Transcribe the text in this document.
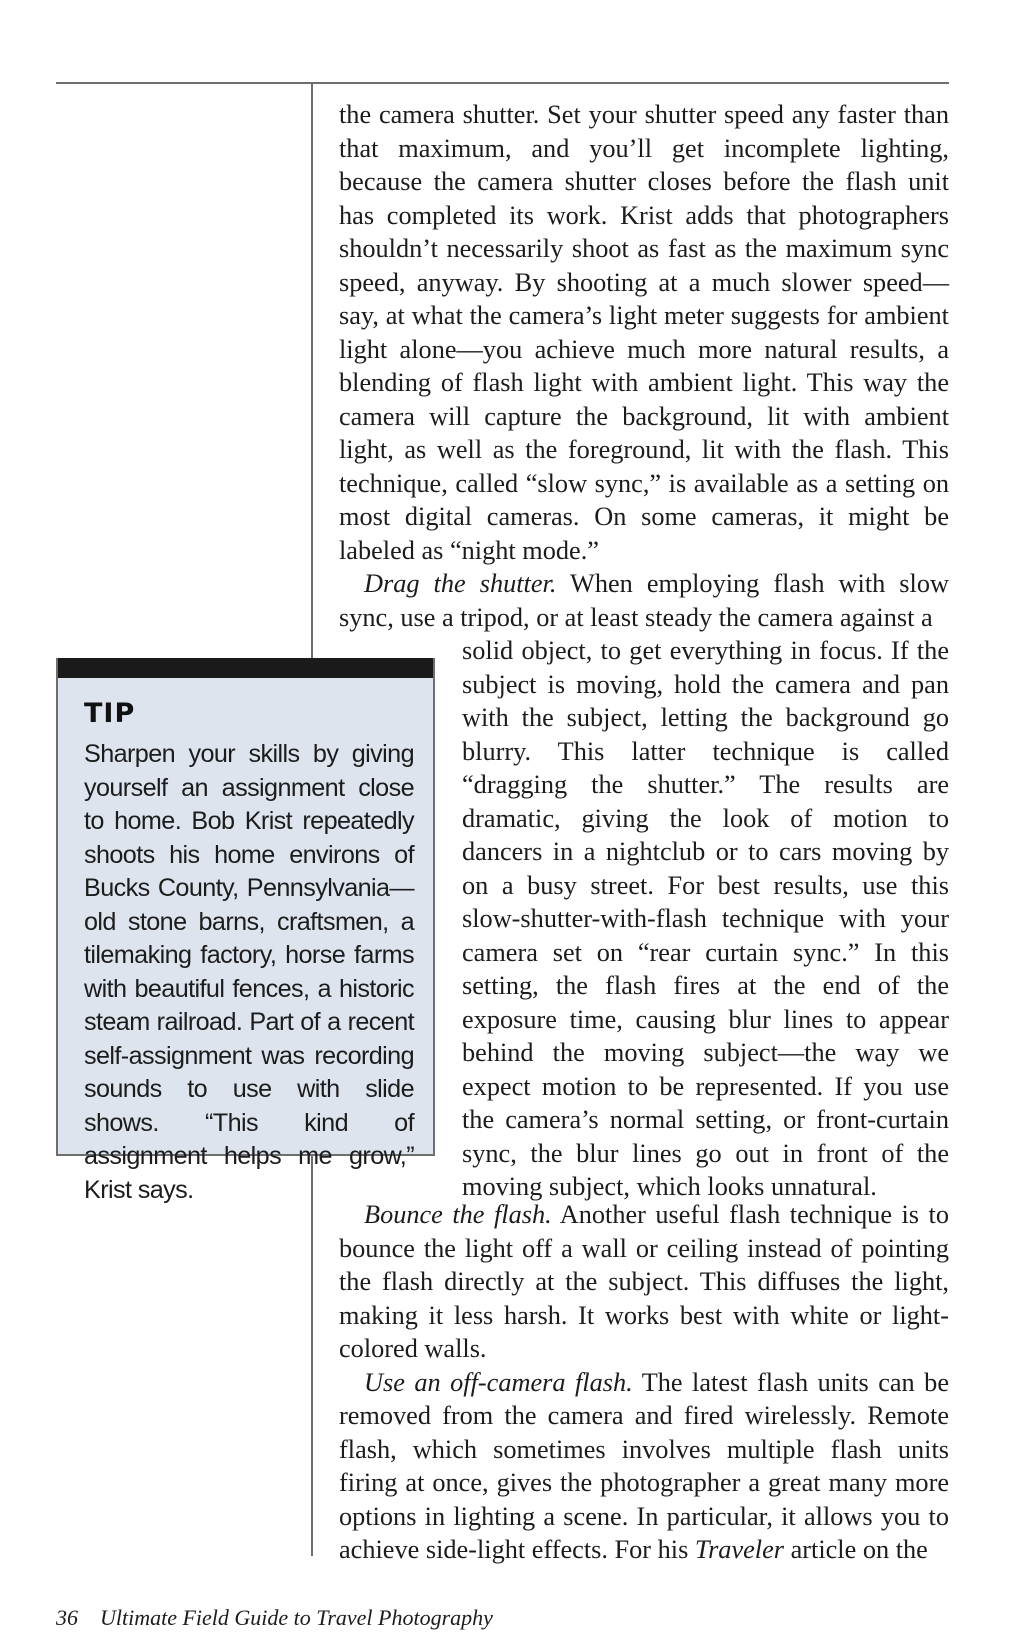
the camera shutter. Set your shutter speed any faster than that maximum, and you’ll get incomplete lighting, because the camera shutter closes before the flash unit has completed its work. Krist adds that photographers shouldn’t necessarily shoot as fast as the maximum sync speed, anyway. By shooting at a much slower speed—say, at what the camera’s light meter suggests for ambient light alone—you achieve much more natural results, a blending of flash light with ambient light. This way the camera will capture the background, lit with ambient light, as well as the foreground, lit with the flash. This technique, called “slow sync,” is available as a setting on most digital cameras. On some cameras, it might be labeled as “night mode.”

Drag the shutter. When employing flash with slow sync, use a tripod, or at least steady the camera against a

solid object, to get everything in focus. If the subject is moving, hold the camera and pan with the subject, letting the background go blurry. This latter technique is called “dragging the shutter.” The results are dramatic, giving the look of motion to dancers in a nightclub or to cars moving by on a busy street. For best results, use this slow-shutter-with-flash technique with your camera set on “rear curtain sync.” In this setting, the flash fires at the end of the exposure time, causing blur lines to appear behind the moving subject—the way we expect motion to be represented. If you use the camera’s normal setting, or front-curtain sync, the blur lines go out in front of the moving subject, which looks unnatural.

Bounce the flash. Another useful flash technique is to bounce the light off a wall or ceiling instead of pointing the flash directly at the subject. This diffuses the light, making it less harsh. It works best with white or light-colored walls.

Use an off-camera flash. The latest flash units can be removed from the camera and fired wirelessly. Remote flash, which sometimes involves multiple flash units firing at once, gives the photographer a great many more options in lighting a scene. In particular, it allows you to achieve side-light effects. For his Traveler article on the

TIP

Sharpen your skills by giving yourself an assignment close to home. Bob Krist repeatedly shoots his home environs of Bucks County, Pennsylvania—old stone barns, craftsmen, a tilemaking factory, horse farms with beautiful fences, a historic steam railroad. Part of a recent self-assignment was recording sounds to use with slide shows. “This kind of assignment helps me grow,” Krist says.

36 Ultimate Field Guide to Travel Photography
